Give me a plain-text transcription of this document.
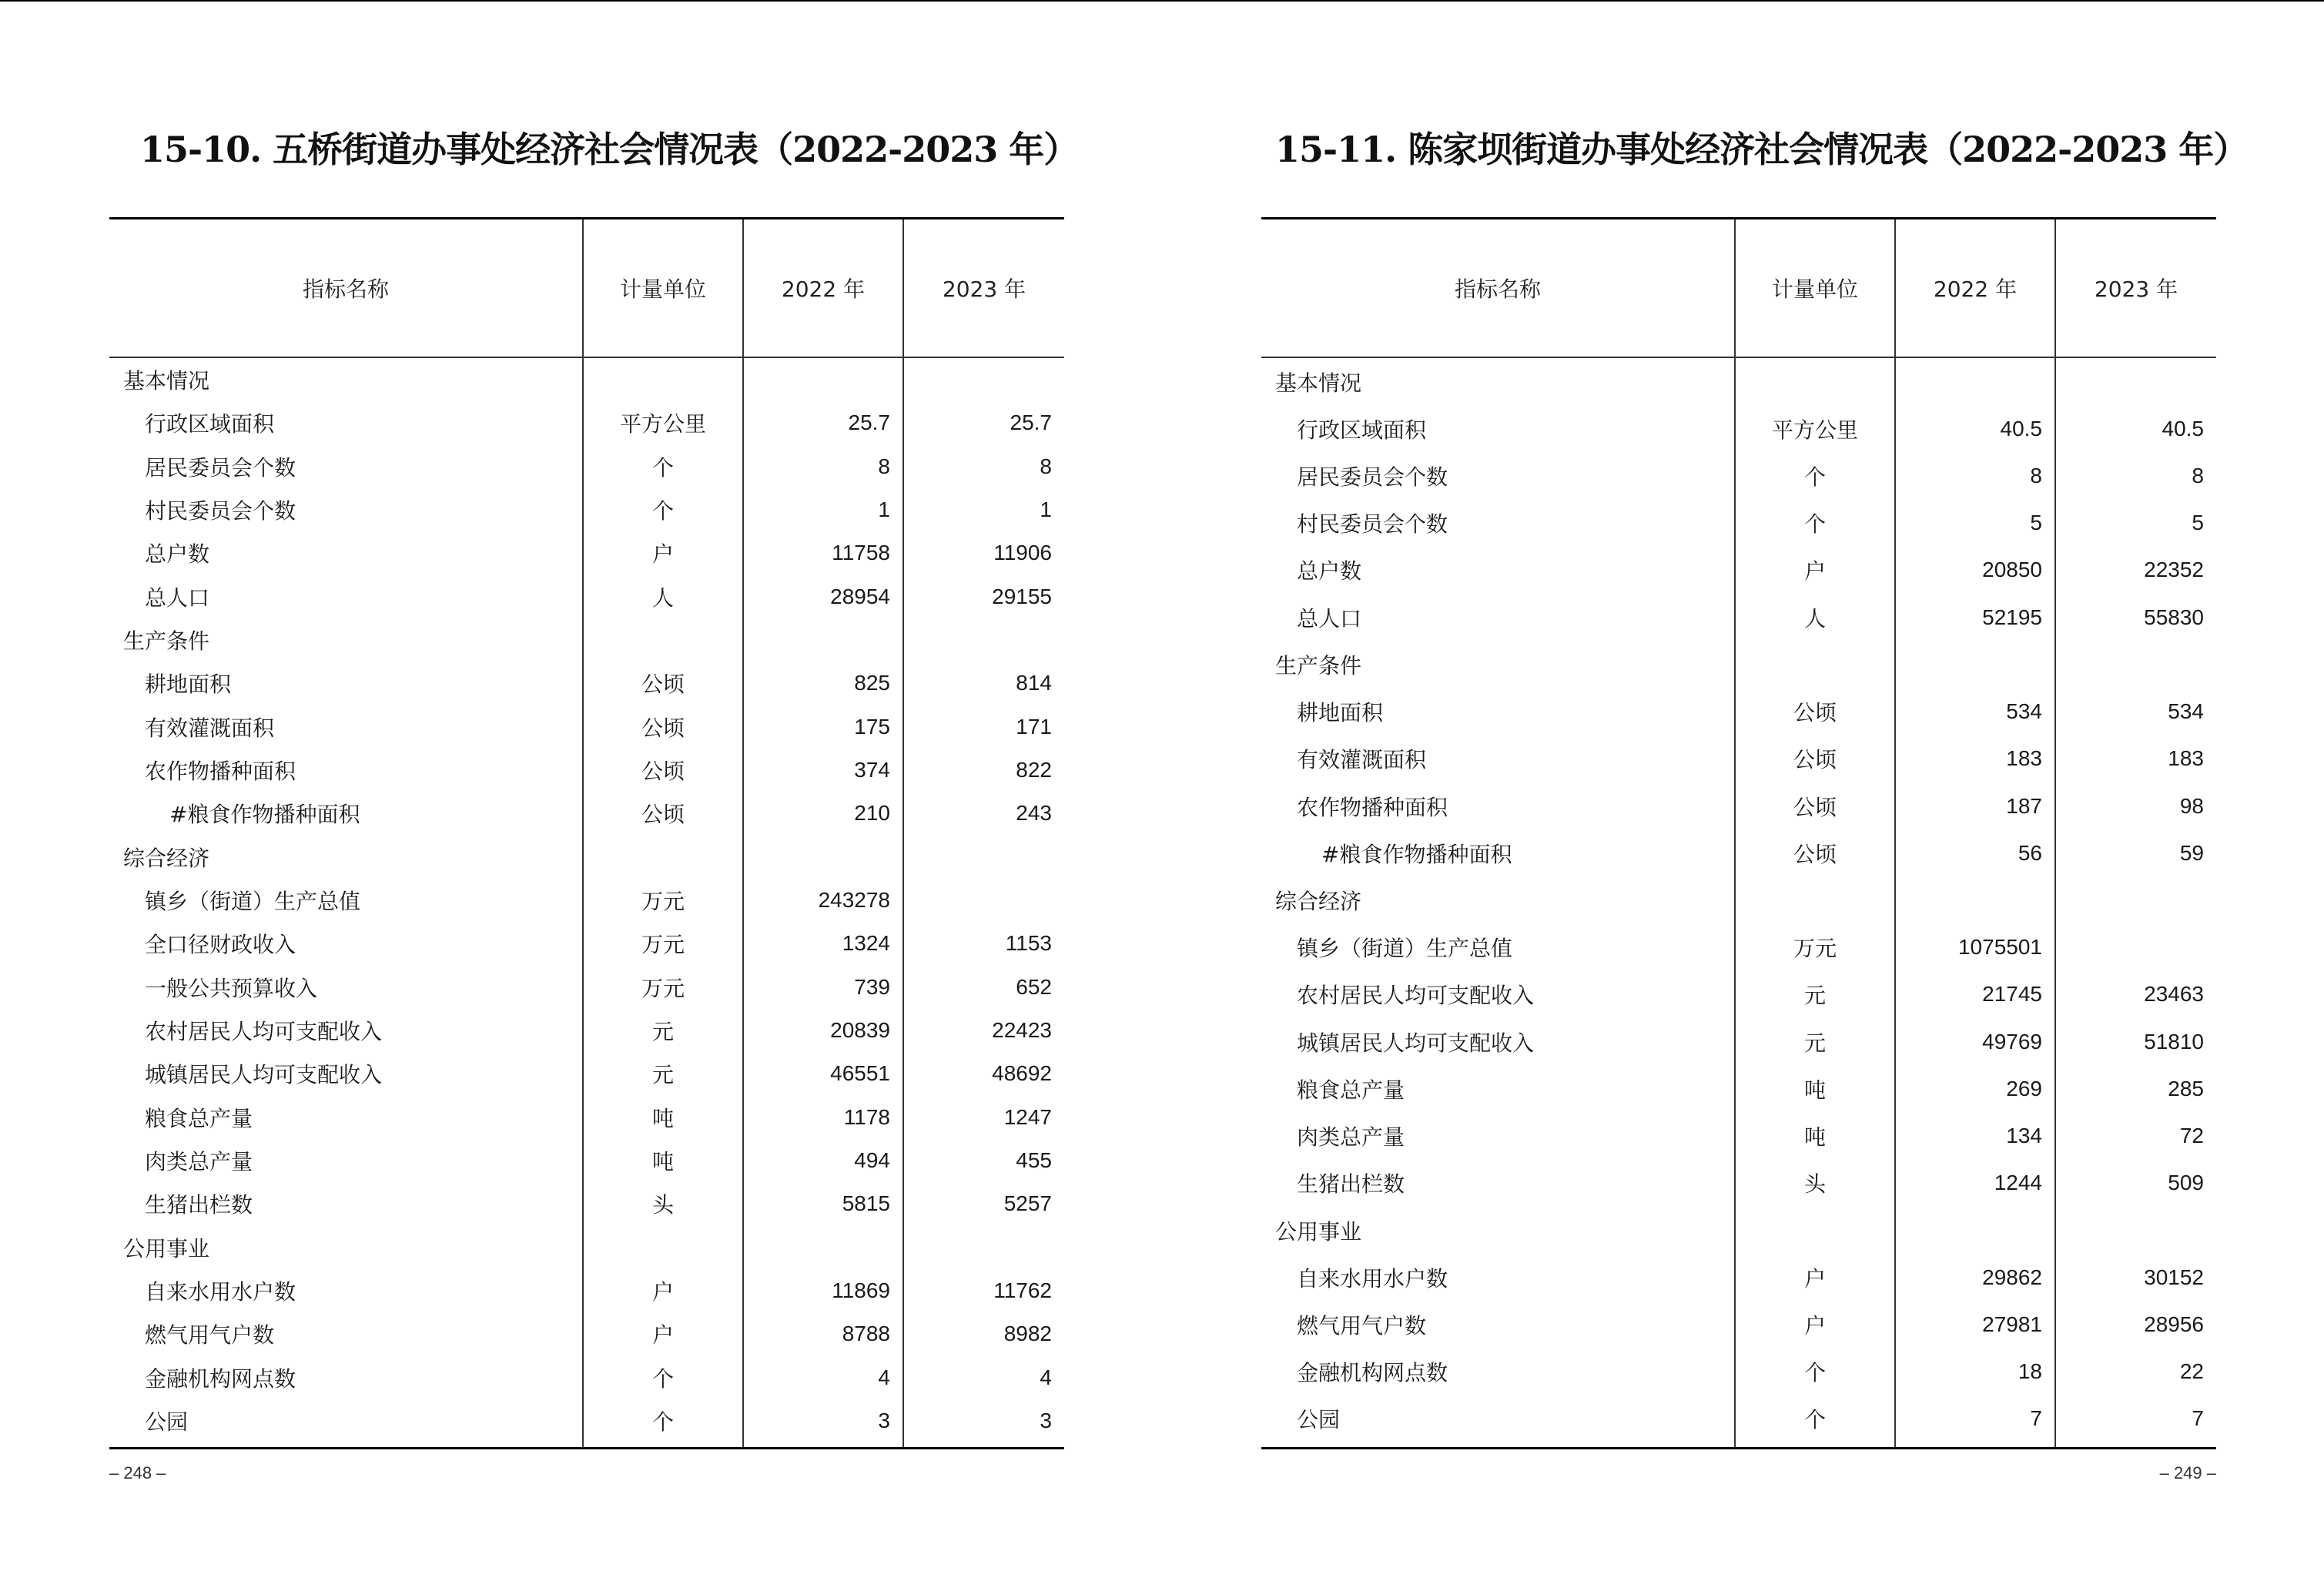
15-10. 五桥街道办事处经济社会情况表（2022-2023 年）
指标名称	计量单位	2022 年	2023 年
基本情况
行政区域面积	平方公里	25.7	25.7
居民委员会个数	个	8	8
村民委员会个数	个	1	1
总户数	户	11758	11906
总人口	人	28954	29155
生产条件
耕地面积	公顷	825	814
有效灌溉面积	公顷	175	171
农作物播种面积	公顷	374	822
#粮食作物播种面积	公顷	210	243
综合经济
镇乡（街道）生产总值	万元	243278
全口径财政收入	万元	1324	1153
一般公共预算收入	万元	739	652
农村居民人均可支配收入	元	20839	22423
城镇居民人均可支配收入	元	46551	48692
粮食总产量	吨	1178	1247
肉类总产量	吨	494	455
生猪出栏数	头	5815	5257
公用事业
自来水用水户数	户	11869	11762
燃气用气户数	户	8788	8982
金融机构网点数	个	4	4
公园	个	3	3
– 248 –
15-11. 陈家坝街道办事处经济社会情况表（2022-2023 年）
指标名称	计量单位	2022 年	2023 年
基本情况
行政区域面积	平方公里	40.5	40.5
居民委员会个数	个	8	8
村民委员会个数	个	5	5
总户数	户	20850	22352
总人口	人	52195	55830
生产条件
耕地面积	公顷	534	534
有效灌溉面积	公顷	183	183
农作物播种面积	公顷	187	98
#粮食作物播种面积	公顷	56	59
综合经济
镇乡（街道）生产总值	万元	1075501
农村居民人均可支配收入	元	21745	23463
城镇居民人均可支配收入	元	49769	51810
粮食总产量	吨	269	285
肉类总产量	吨	134	72
生猪出栏数	头	1244	509
公用事业
自来水用水户数	户	29862	30152
燃气用气户数	户	27981	28956
金融机构网点数	个	18	22
公园	个	7	7
– 249 –
